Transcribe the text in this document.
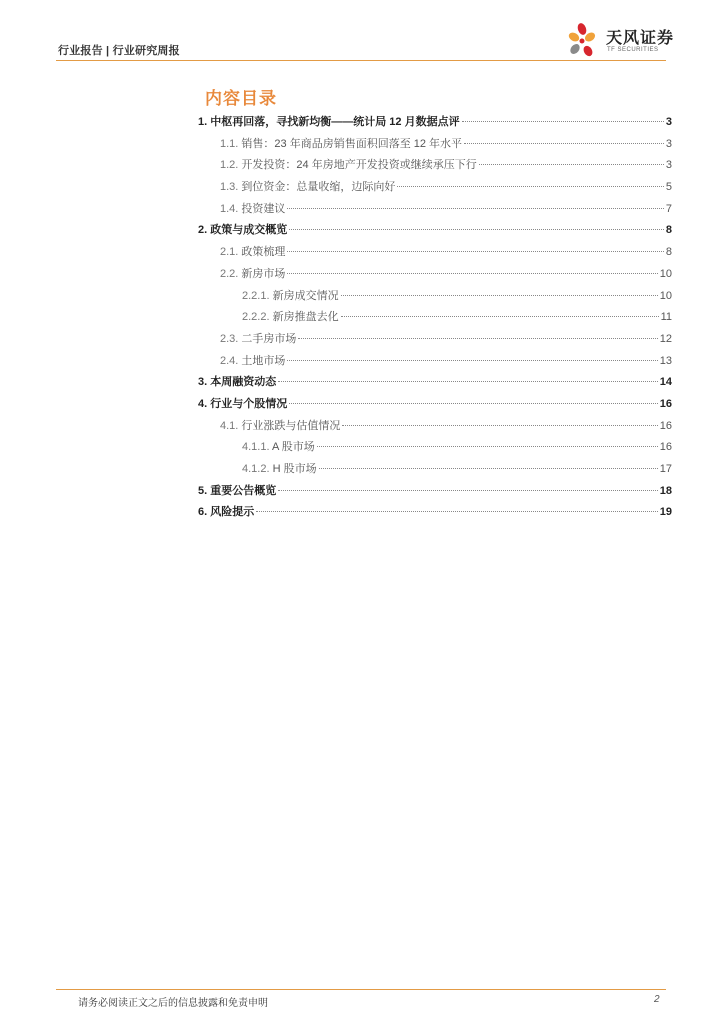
行业报告 | 行业研究周报
天风证券
TF SECURITIES
内容目录
1. 中枢再回落，寻找新均衡——统计局 12 月数据点评	3
1.1. 销售：23 年商品房销售面积回落至 12 年水平	3
1.2. 开发投资：24 年房地产开发投资或继续承压下行	3
1.3. 到位资金：总量收缩，边际向好	5
1.4. 投资建议	7
2. 政策与成交概览	8
2.1. 政策梳理	8
2.2. 新房市场	10
2.2.1. 新房成交情况	10
2.2.2. 新房推盘去化	11
2.3. 二手房市场	12
2.4. 土地市场	13
3. 本周融资动态	14
4. 行业与个股情况	16
4.1. 行业涨跌与估值情况	16
4.1.1. A 股市场	16
4.1.2. H 股市场	17
5. 重要公告概览	18
6. 风险提示	19
请务必阅读正文之后的信息披露和免责申明	2
